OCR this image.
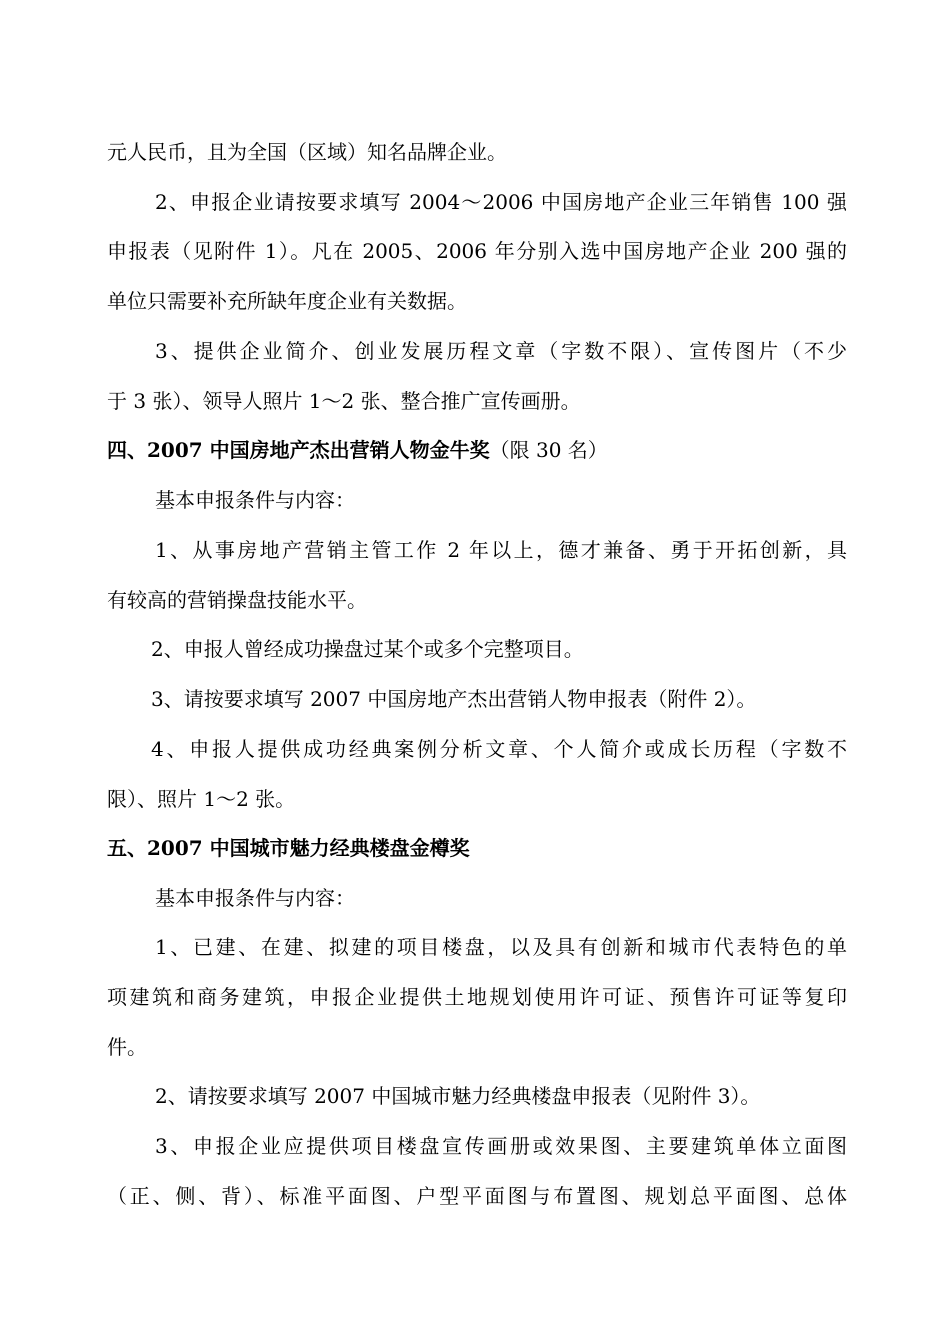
元人民币，且为全国（区域）知名品牌企业。
2、申报企业请按要求填写 2004～2006 中国房地产企业三年销售 100 强
申报表（见附件 1）。凡在 2005、2006 年分别入选中国房地产企业 200 强的
单位只需要补充所缺年度企业有关数据。
3、提供企业简介、创业发展历程文章（字数不限）、宣传图片（不少
于 3 张）、领导人照片 1～2 张、整合推广宣传画册。
四、2007 中国房地产杰出营销人物金牛奖（限 30 名）
基本申报条件与内容：
1、从事房地产营销主管工作 2 年以上，德才兼备、勇于开拓创新，具
有较高的营销操盘技能水平。
2、申报人曾经成功操盘过某个或多个完整项目。
3、请按要求填写 2007 中国房地产杰出营销人物申报表（附件 2）。
4、申报人提供成功经典案例分析文章、个人简介或成长历程（字数不
限）、照片 1～2 张。
五、2007 中国城市魅力经典楼盘金樽奖
基本申报条件与内容：
1、已建、在建、拟建的项目楼盘，以及具有创新和城市代表特色的单
项建筑和商务建筑，申报企业提供土地规划使用许可证、预售许可证等复印
件。
2、请按要求填写 2007 中国城市魅力经典楼盘申报表（见附件 3）。
3、申报企业应提供项目楼盘宣传画册或效果图、主要建筑单体立面图
（正、侧、背）、标准平面图、户型平面图与布置图、规划总平面图、总体
